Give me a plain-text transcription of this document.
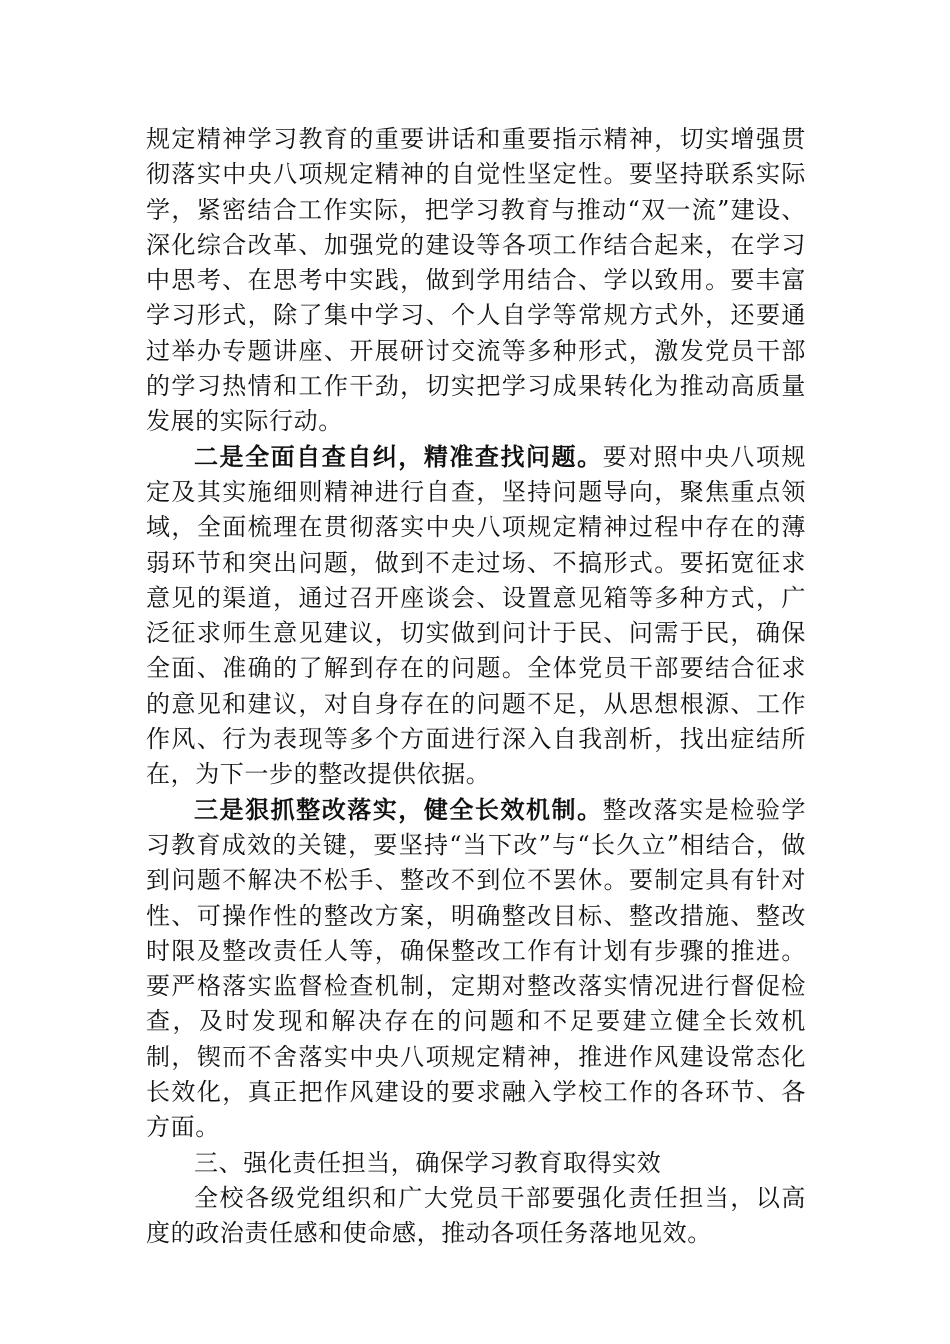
规定精神学习教育的重要讲话和重要指示精神，切实增强贯彻落实中央八项规定精神的自觉性坚定性。要坚持联系实际学，紧密结合工作实际，把学习教育与推动“双一流”建设、深化综合改革、加强党的建设等各项工作结合起来，在学习中思考、在思考中实践，做到学用结合、学以致用。要丰富学习形式，除了集中学习、个人自学等常规方式外，还要通过举办专题讲座、开展研讨交流等多种形式，激发党员干部的学习热情和工作干劲，切实把学习成果转化为推动高质量发展的实际行动。

二是全面自查自纠，精准查找问题。要对照中央八项规定及其实施细则精神进行自查，坚持问题导向，聚焦重点领域，全面梳理在贯彻落实中央八项规定精神过程中存在的薄弱环节和突出问题，做到不走过场、不搞形式。要拓宽征求意见的渠道，通过召开座谈会、设置意见箱等多种方式，广泛征求师生意见建议，切实做到问计于民、问需于民，确保全面、准确的了解到存在的问题。全体党员干部要结合征求的意见和建议，对自身存在的问题不足，从思想根源、工作作风、行为表现等多个方面进行深入自我剖析，找出症结所在，为下一步的整改提供依据。

三是狠抓整改落实，健全长效机制。整改落实是检验学习教育成效的关键，要坚持“当下改”与“长久立”相结合，做到问题不解决不松手、整改不到位不罢休。要制定具有针对性、可操作性的整改方案，明确整改目标、整改措施、整改时限及整改责任人等，确保整改工作有计划有步骤的推进。要严格落实监督检查机制，定期对整改落实情况进行督促检查，及时发现和解决存在的问题和不足要建立健全长效机制，锲而不舍落实中央八项规定精神，推进作风建设常态化长效化，真正把作风建设的要求融入学校工作的各环节、各方面。

三、强化责任担当，确保学习教育取得实效

全校各级党组织和广大党员干部要强化责任担当，以高度的政治责任感和使命感，推动各项任务落地见效。
